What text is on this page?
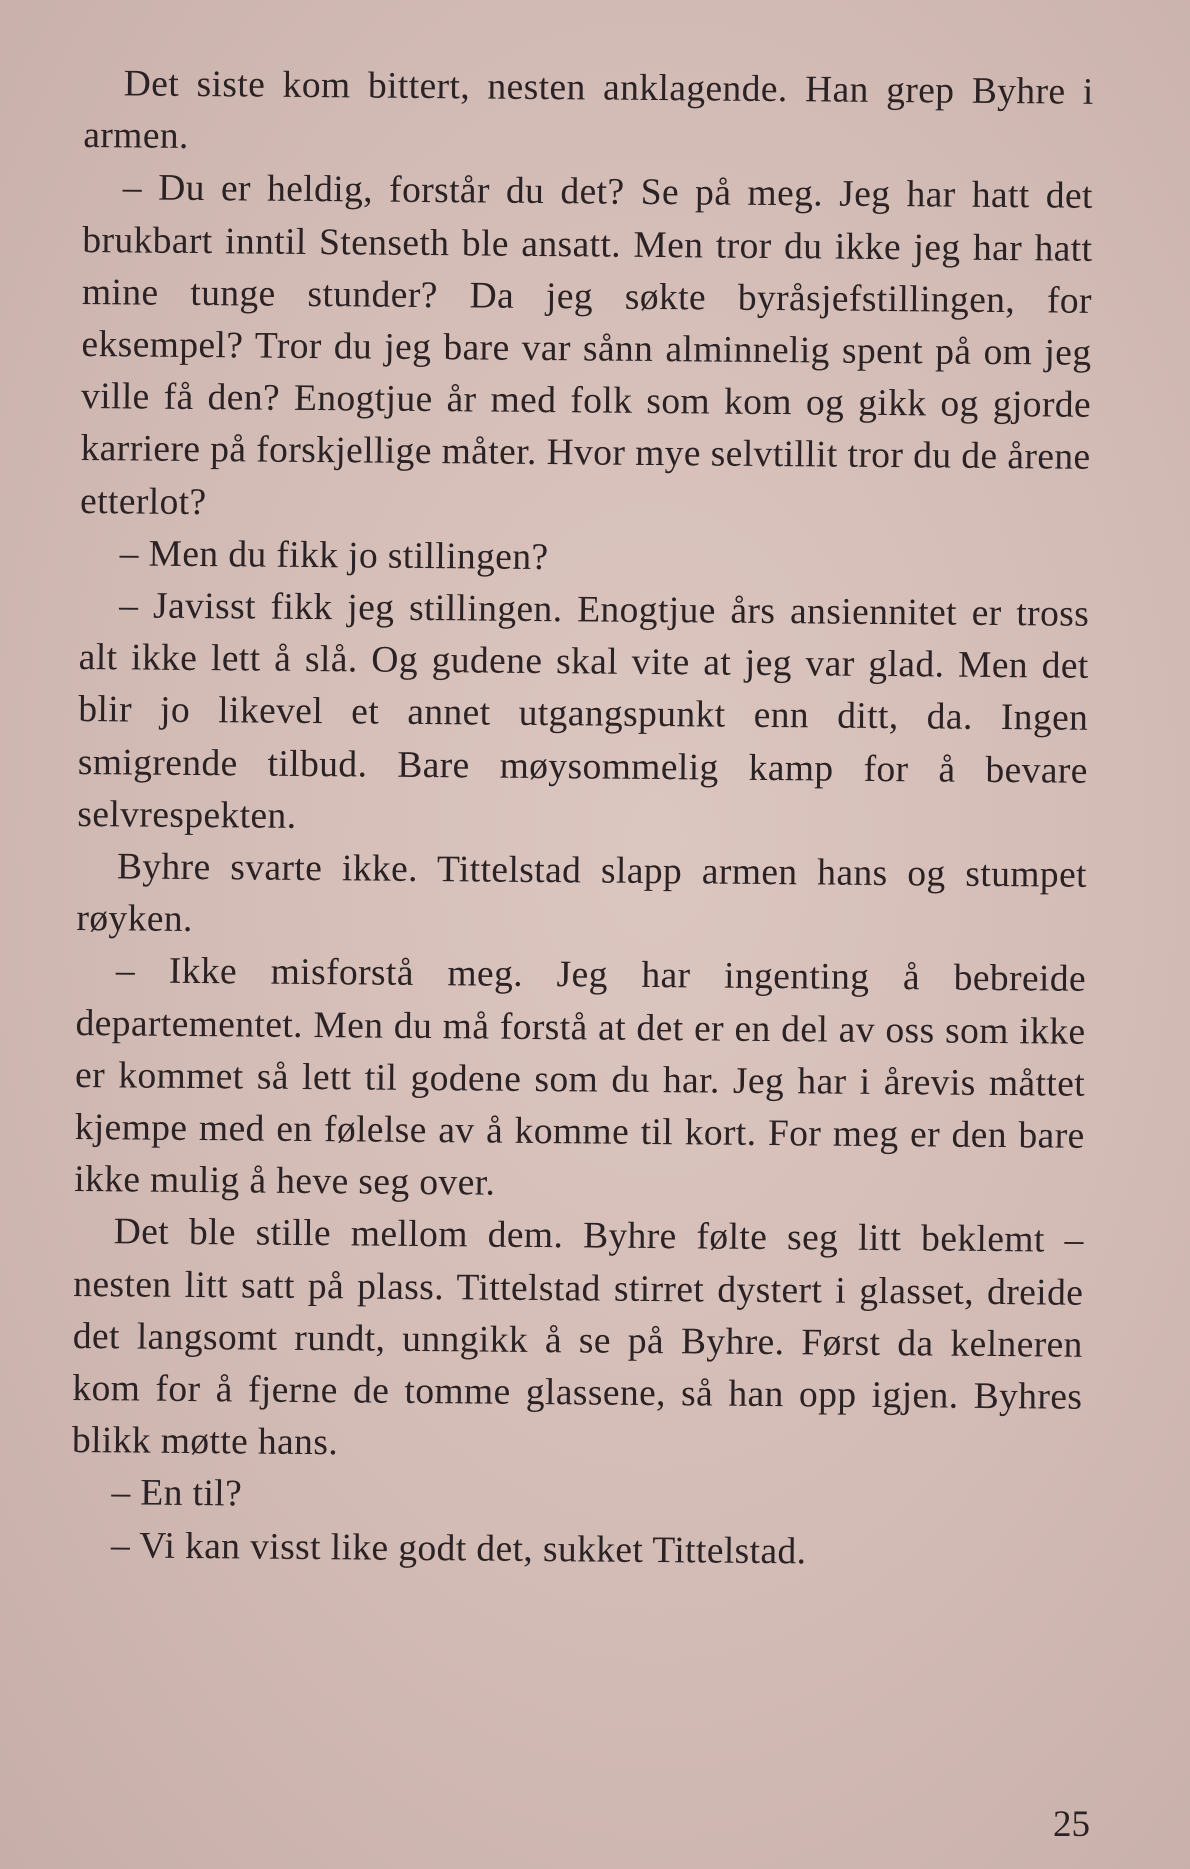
Det siste kom bittert, nesten anklagende. Han grep Byhre i armen.

– Du er heldig, forstår du det? Se på meg. Jeg har hatt det brukbart inntil Stenseth ble ansatt. Men tror du ikke jeg har hatt mine tunge stunder? Da jeg søkte byråsjefstillingen, for eksempel? Tror du jeg bare var sånn alminnelig spent på om jeg ville få den? Enogtjue år med folk som kom og gikk og gjorde karriere på forskjellige måter. Hvor mye selvtillit tror du de årene etterlot?

– Men du fikk jo stillingen?

– Javisst fikk jeg stillingen. Enogtjue års ansiennitet er tross alt ikke lett å slå. Og gudene skal vite at jeg var glad. Men det blir jo likevel et annet utgangspunkt enn ditt, da. Ingen smigrende tilbud. Bare møysommelig kamp for å bevare selvrespekten.

Byhre svarte ikke. Tittelstad slapp armen hans og stumpet røyken.

– Ikke misforstå meg. Jeg har ingenting å bebreide departementet. Men du må forstå at det er en del av oss som ikke er kommet så lett til godene som du har. Jeg har i årevis måttet kjempe med en følelse av å komme til kort. For meg er den bare ikke mulig å heve seg over.

Det ble stille mellom dem. Byhre følte seg litt beklemt – nesten litt satt på plass. Tittelstad stirret dystert i glasset, dreide det langsomt rundt, unngikk å se på Byhre. Først da kelneren kom for å fjerne de tomme glassene, så han opp igjen. Byhres blikk møtte hans.

– En til?

– Vi kan visst like godt det, sukket Tittelstad.

25
